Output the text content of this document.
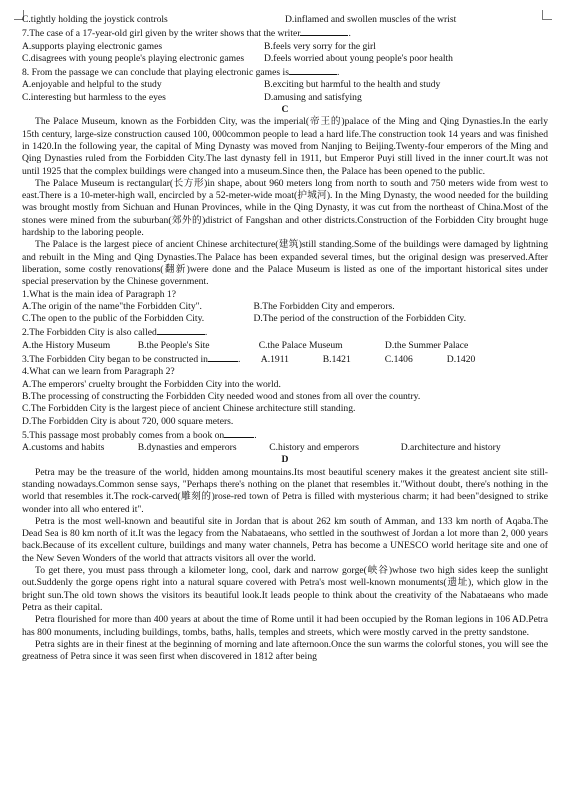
C.tightly holding the joystick controls	D.inflamed and swollen muscles of the wrist
7.The case of a 17-year-old girl given by the writer shows that the writer	.
A.supports playing electronic games	B.feels very sorry for the girl
C.disagrees with young people's playing electronic games	D.feels worried about young people's poor health
8. From the passage we can conclude that playing electronic games is	.
A.enjoyable and helpful to the study	B.exciting but harmful to the health and study
C.interesting but harmless to the eyes	D.amusing and satisfying
C

The Palace Museum, known as the Forbidden City, was the imperial(帝王的)palace of the Ming and Qing Dynasties.In the early 15th century, large-size construction caused 100, 000common people to lead a hard life.The construction took 14 years and was finished in 1420.In the following year, the capital of Ming Dynasty was moved from Nanjing to Beijing.Twenty-four emperors of the Ming and Qing Dynasties ruled from the Forbidden City.The last dynasty fell in 1911, but Emperor Puyi still lived in the inner court.It was not until 1925 that the complex buildings were changed into a museum.Since then, the Palace has been opened to the public.

The Palace Museum is rectangular(长方形)in shape, about 960 meters long from north to south and 750 meters wide from west to east.There is a 10-meter-high wall, encircled by a 52-meter-wide moat(护城河). In the Ming Dynasty, the wood needed for the building was brought mostly from Sichuan and Hunan Provinces, while in the Qing Dynasty, it was cut from the northeast of China.Most of the stones were mined from the suburban(郊外的)district of Fangshan and other districts.Construction of the Forbidden City brought huge hardship to the laboring people.

The Palace is the largest piece of ancient Chinese architecture(建筑)still standing.Some of the buildings were damaged by lightning and rebuilt in the Ming and Qing Dynasties.The Palace has been expanded several times, but the original design was preserved.After liberation, some costly renovations(翻新)were done and the Palace Museum is listed as one of the important historical sites under special preservation by the Chinese government.

1.What is the main idea of Paragraph 1?
A.The origin of the name"the Forbidden City".	B.The Forbidden City and emperors.
C.The open to the public of the Forbidden City.	D.The period of the construction of the Forbidden City.
2.The Forbidden City is also called	.
A.the History Museum	B.the People's Site	C.the Palace Museum	D.the Summer Palace
3.The Forbidden City began to be constructed in	. A.1911	B.1421	C.1406	D.1420
4.What can we learn from Paragraph 2?
A.The emperors' cruelty brought the Forbidden City into the world.
B.The processing of constructing the Forbidden City needed wood and stones from all over the country.
C.The Forbidden City is the largest piece of ancient Chinese architecture still standing.
D.The Forbidden City is about 720, 000 square meters.
5.This passage most probably comes from a book on	.
A.customs and habits	B.dynasties and emperors	C.history and emperors	D.architecture and history
D

Petra may be the treasure of the world, hidden among mountains.Its most beautiful scenery makes it the greatest ancient site still-standing nowadays.Common sense says, "Perhaps there's nothing on the planet that resembles it."Without doubt, there's nothing in the world that resembles it.The rock-carved(雕刻的)rose-red town of Petra is filled with mysterious charm; it had been"designed to strike wonder into all who entered it".

Petra is the most well-known and beautiful site in Jordan that is about 262 km south of Amman, and 133 km north of Aqaba.The Dead Sea is 80 km north of it.It was the legacy from the Nabataeans, who settled in the southwest of Jordan a lot more than 2, 000 years back.Because of its excellent culture, buildings and many water channels, Petra has become a UNESCO world heritage site and one of the New Seven Wonders of the world that attracts visitors all over the world.

To get there, you must pass through a kilometer long, cool, dark and narrow gorge(峡谷)whose two high sides keep the sunlight out.Suddenly the gorge opens right into a natural square covered with Petra's most well-known monuments(遗址), which glow in the bright sun.The old town shows the visitors its beautiful look.It leads people to think about the creativity of the Nabataeans who made Petra as their capital.

Petra flourished for more than 400 years at about the time of Rome until it had been occupied by the Roman legions in 106 AD.Petra has 800 monuments, including buildings, tombs, baths, halls, temples and streets, which were mostly carved in the pretty sandstone.

Petra sights are in their finest at the beginning of morning and late afternoon.Once the sun warms the colorful stones, you will see the greatness of Petra since it was seen first when discovered in 1812 after being
